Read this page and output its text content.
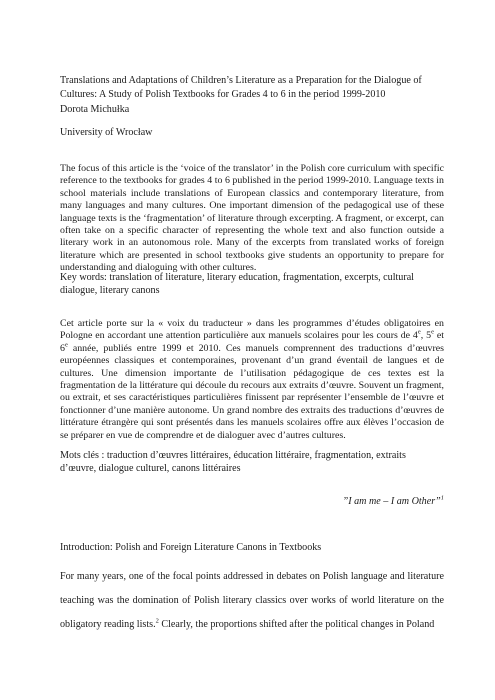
Translations and Adaptations of Children’s Literature as a Preparation for the Dialogue of Cultures: A Study of Polish Textbooks for Grades 4 to 6 in the period 1999-2010

Dorota Michułka

University of Wrocław

The focus of this article is the ‘voice of the translator’ in the Polish core curriculum with specific reference to the textbooks for grades 4 to 6 published in the period 1999-2010. Language texts in school materials include translations of European classics and contemporary literature, from many languages and many cultures. One important dimension of the pedagogical use of these language texts is the ‘fragmentation’ of literature through excerpting. A fragment, or excerpt, can often take on a specific character of representing the whole text and also function outside a literary work in an autonomous role. Many of the excerpts from translated works of foreign literature which are presented in school textbooks give students an opportunity to prepare for understanding and dialoguing with other cultures.

Key words: translation of literature, literary education, fragmentation, excerpts, cultural dialogue, literary canons

Cet article porte sur la « voix du traducteur » dans les programmes d’études obligatoires en Pologne en accordant une attention particulière aux manuels scolaires pour les cours de 4e, 5e et 6e année, publiés entre 1999 et 2010. Ces manuels comprennent des traductions d’œuvres européennes classiques et contemporaines, provenant d’un grand éventail de langues et de cultures. Une dimension importante de l’utilisation pédagogique de ces textes est la fragmentation de la littérature qui découle du recours aux extraits d’œuvre. Souvent un fragment, ou extrait, et ses caractéristiques particulières finissent par représenter l’ensemble de l’œuvre et fonctionner d’une manière autonome. Un grand nombre des extraits des traductions d’œuvres de littérature étrangère qui sont présentés dans les manuels scolaires offre aux élèves l’occasion de se préparer en vue de comprendre et de dialoguer avec d’autres cultures.

Mots clés : traduction d’œuvres littéraires, éducation littéraire, fragmentation, extraits d’œuvre, dialogue culturel, canons littéraires

”I am me – I am Other”$^1$

Introduction: Polish and Foreign Literature Canons in Textbooks

For many years, one of the focal points addressed in debates on Polish language and literature teaching was the domination of Polish literary classics over works of world literature on the obligatory reading lists.$^2$ Clearly, the proportions shifted after the political changes in Poland
